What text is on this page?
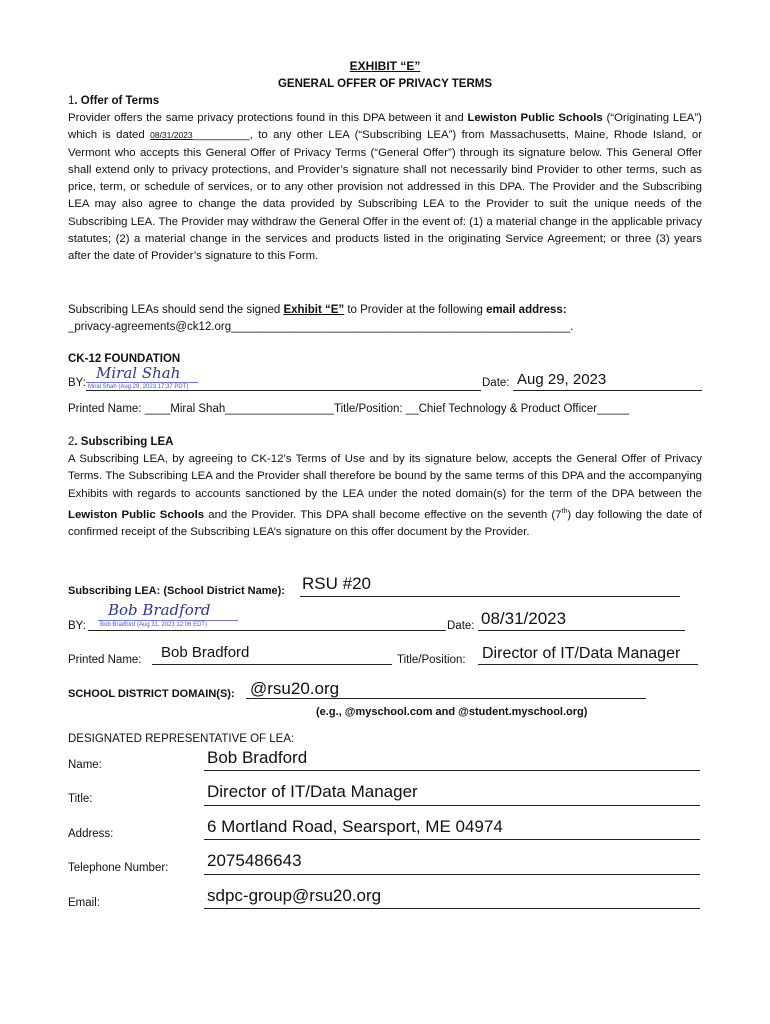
EXHIBIT “E”
GENERAL OFFER OF PRIVACY TERMS
1. Offer of Terms
Provider offers the same privacy protections found in this DPA between it and Lewiston Public Schools (“Originating LEA”) which is dated 08/31/2023_________, to any other LEA (“Subscribing LEA”) from Massachusetts, Maine, Rhode Island, or Vermont who accepts this General Offer of Privacy Terms (“General Offer”) through its signature below. This General Offer shall extend only to privacy protections, and Provider’s signature shall not necessarily bind Provider to other terms, such as price, term, or schedule of services, or to any other provision not addressed in this DPA. The Provider and the Subscribing LEA may also agree to change the data provided by Subscribing LEA to the Provider to suit the unique needs of the Subscribing LEA. The Provider may withdraw the General Offer in the event of: (1) a material change in the applicable privacy statutes; (2) a material change in the services and products listed in the originating Service Agreement; or three (3) years after the date of Provider’s signature to this Form.
Subscribing LEAs should send the signed Exhibit “E” to Provider at the following email address:
_privacy-agreements@ck12.org_____________________________________________________.
CK-12 FOUNDATION
BY:
Miral Shah
Miral Shah (Aug 29, 2023 17:37 PDT)	Date: Aug 29, 2023
Printed Name: ____Miral Shah_________________Title/Position: __Chief Technology & Product Officer_____
2. Subscribing LEA
A Subscribing LEA, by agreeing to CK-12’s Terms of Use and by its signature below, accepts the General Offer of Privacy Terms. The Subscribing LEA and the Provider shall therefore be bound by the same terms of this DPA and the accompanying Exhibits with regards to accounts sanctioned by the LEA under the noted domain(s) for the term of the DPA between the Lewiston Public Schools and the Provider. This DPA shall become effective on the seventh (7th) day following the date of confirmed receipt of the Subscribing LEA’s signature on this offer document by the Provider.
Subscribing LEA: (School District Name): RSU #20
BY:
Bob Bradford
Bob Bradford (Aug 31, 2023 12:06 EDT)	Date: 08/31/2023
Printed Name: Bob Bradford	Title/Position: Director of IT/Data Manager
SCHOOL DISTRICT DOMAIN(S): @rsu20.org
(e.g., @myschool.com and @student.myschool.org)
DESIGNATED REPRESENTATIVE OF LEA:
Name:	Bob Bradford
Title:	Director of IT/Data Manager
Address:	6 Mortland Road, Searsport, ME 04974
Telephone Number: 2075486643
Email:	sdpc-group@rsu20.org
